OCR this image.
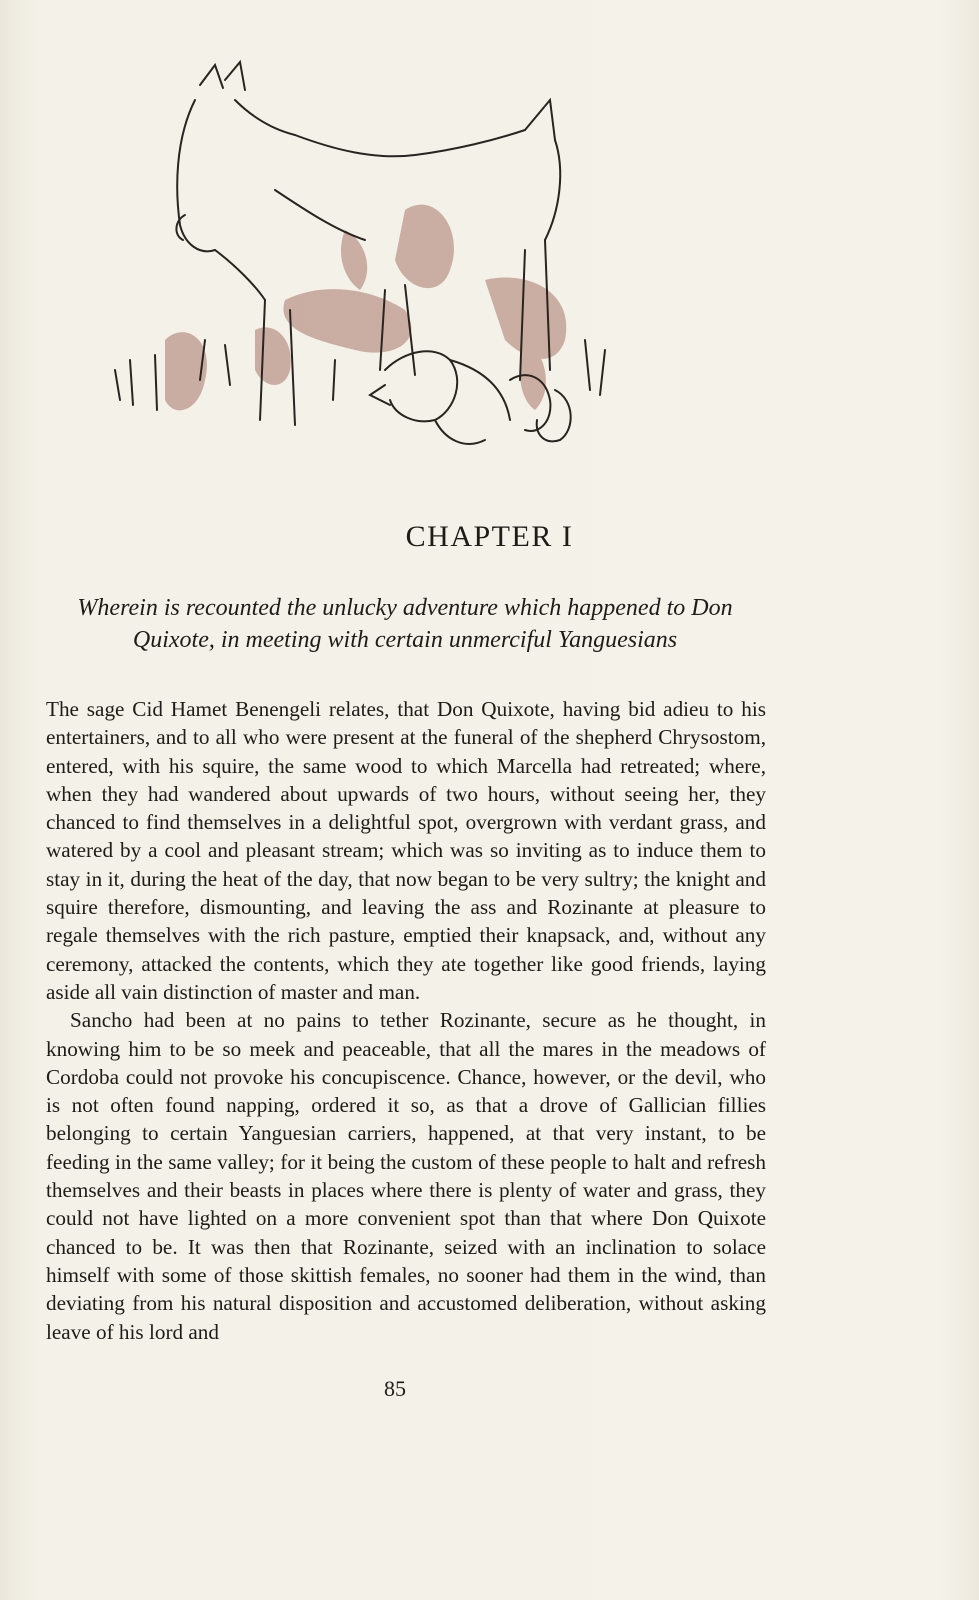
CHAPTER I

Wherein is recounted the unlucky adventure which happened to Don Quixote, in meeting with certain unmerciful Yanguesians

The sage Cid Hamet Benengeli relates, that Don Quixote, having bid adieu to his entertainers, and to all who were present at the funeral of the shepherd Chrysostom, entered, with his squire, the same wood to which Marcella had retreated; where, when they had wandered about upwards of two hours, without seeing her, they chanced to find themselves in a delightful spot, overgrown with verdant grass, and watered by a cool and pleasant stream; which was so inviting as to induce them to stay in it, during the heat of the day, that now began to be very sultry; the knight and squire therefore, dismounting, and leaving the ass and Rozinante at pleasure to regale themselves with the rich pasture, emptied their knapsack, and, without any ceremony, attacked the contents, which they ate together like good friends, laying aside all vain distinction of master and man.

Sancho had been at no pains to tether Rozinante, secure as he thought, in knowing him to be so meek and peaceable, that all the mares in the meadows of Cordoba could not provoke his concupiscence. Chance, however, or the devil, who is not often found napping, ordered it so, as that a drove of Gallician fillies belonging to certain Yanguesian carriers, happened, at that very instant, to be feeding in the same valley; for it being the custom of these people to halt and refresh themselves and their beasts in places where there is plenty of water and grass, they could not have lighted on a more convenient spot than that where Don Quixote chanced to be. It was then that Rozinante, seized with an inclination to solace himself with some of those skittish females, no sooner had them in the wind, than deviating from his natural disposition and accustomed deliberation, without asking leave of his lord and

85
